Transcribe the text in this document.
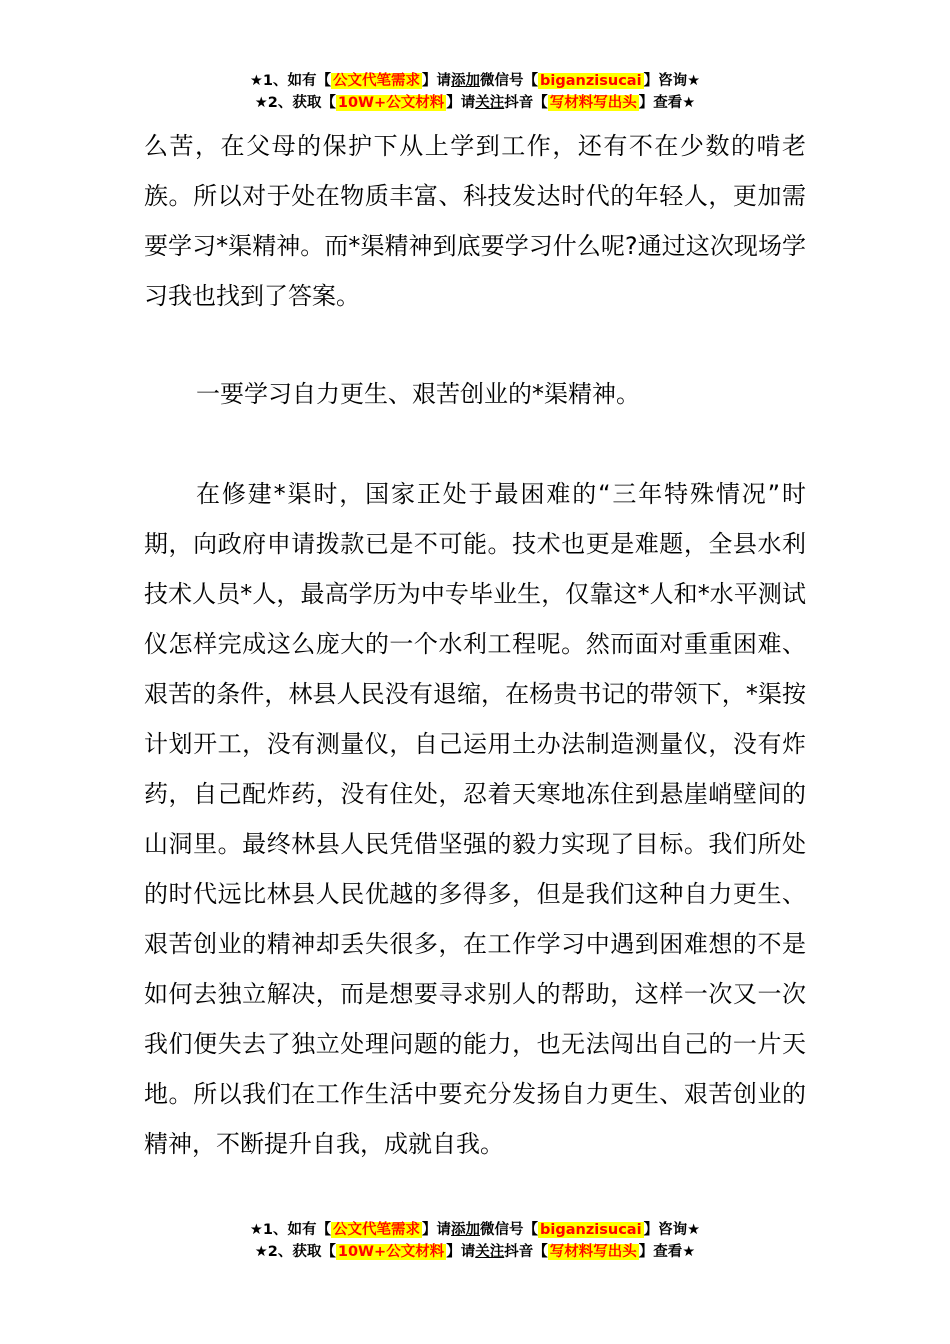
★1、如有【 公文代笔需求 】请添加微信号【 biganzisucai 】咨询★
★2、获取【 10W+公文材料 】请关注抖音【 写材料写出头 】查看★

么苦，在父母的保护下从上学到工作，还有不在少数的啃老族。所以对于处在物质丰富、科技发达时代的年轻人，更加需要学习*渠精神。而*渠精神到底要学习什么呢?通过这次现场学习我也找到了答案。

一要学习自力更生、艰苦创业的*渠精神。

在修建*渠时，国家正处于最困难的“三年特殊情况”时期，向政府申请拨款已是不可能。技术也更是难题，全县水利技术人员*人，最高学历为中专毕业生，仅靠这*人和*水平测试仪怎样完成这么庞大的一个水利工程呢。然而面对重重困难、艰苦的条件，林县人民没有退缩，在杨贵书记的带领下，*渠按计划开工，没有测量仪，自己运用土办法制造测量仪，没有炸药，自己配炸药，没有住处，忍着天寒地冻住到悬崖峭壁间的山洞里。最终林县人民凭借坚强的毅力实现了目标。我们所处的时代远比林县人民优越的多得多，但是我们这种自力更生、艰苦创业的精神却丢失很多，在工作学习中遇到困难想的不是如何去独立解决，而是想要寻求别人的帮助，这样一次又一次我们便失去了独立处理问题的能力，也无法闯出自己的一片天地。所以我们在工作生活中要充分发扬自力更生、艰苦创业的精神，不断提升自我，成就自我。

★1、如有【 公文代笔需求 】请添加微信号【 biganzisucai 】咨询★
★2、获取【 10W+公文材料 】请关注抖音【 写材料写出头 】查看★
